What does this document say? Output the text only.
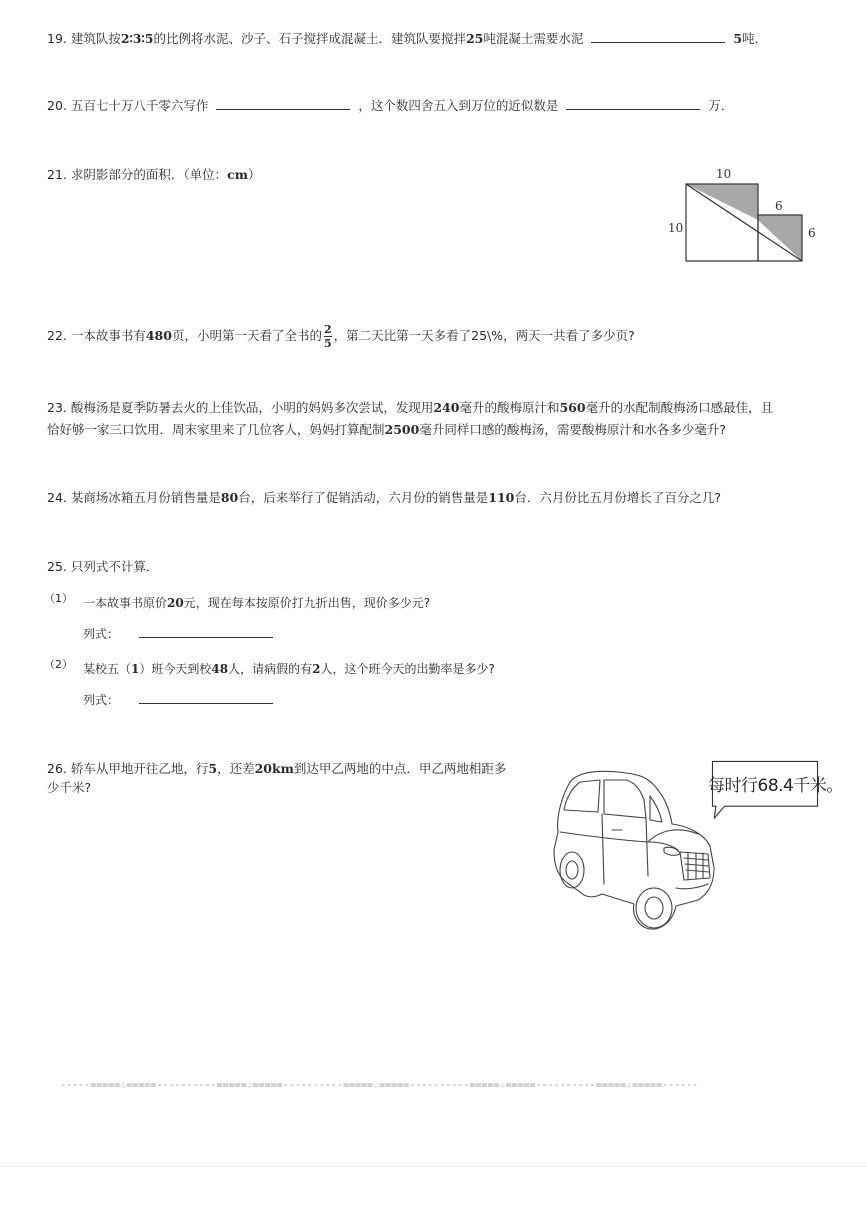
19. 建筑队按2∶3∶5的比例将水泥、沙子、石子搅拌成混凝土．建筑队要搅拌25吨混凝土需要水泥	5吨．
20. 五百七十万八千零六写作	，这个数四舍五入到万位的近似数是	万．
21. 求阴影部分的面积．（单位：cm）	10
10
6
6
22. 一本故事书有480页，小明第一天看了全书的 $\frac{2}{5}$ ，第二天比第一天多看了25\%，两天一共看了多少页?
23. 酸梅汤是夏季防暑去火的上佳饮品，小明的妈妈多次尝试，发现用240毫升的酸梅原汁和560毫升的水配制酸梅汤口感最佳，且
恰好够一家三口饮用．周末家里来了几位客人，妈妈打算配制2500毫升同样口感的酸梅汤，需要酸梅原汁和水各多少毫升?
24. 某商场冰箱五月份销售量是80台，后来举行了促销活动，六月份的销售量是110台．六月份比五月份增长了百分之几?
25. 只列式不计算．
（1） 一本故事书原价20元，现在每本按原价打九折出售，现价多少元?
列式：
（2） 某校五（1）班今天到校48人，请病假的有2人，这个班今天的出勤率是多少?
列式：
26. 轿车从甲地开往乙地，行5，还差20km到达甲乙两地的中点．甲乙两地相距多
少千米?	每时行68.4千米。
-----=====☆=====----------=====☆=====----------=====☆=====----------=====☆=====----------=====☆=====------
